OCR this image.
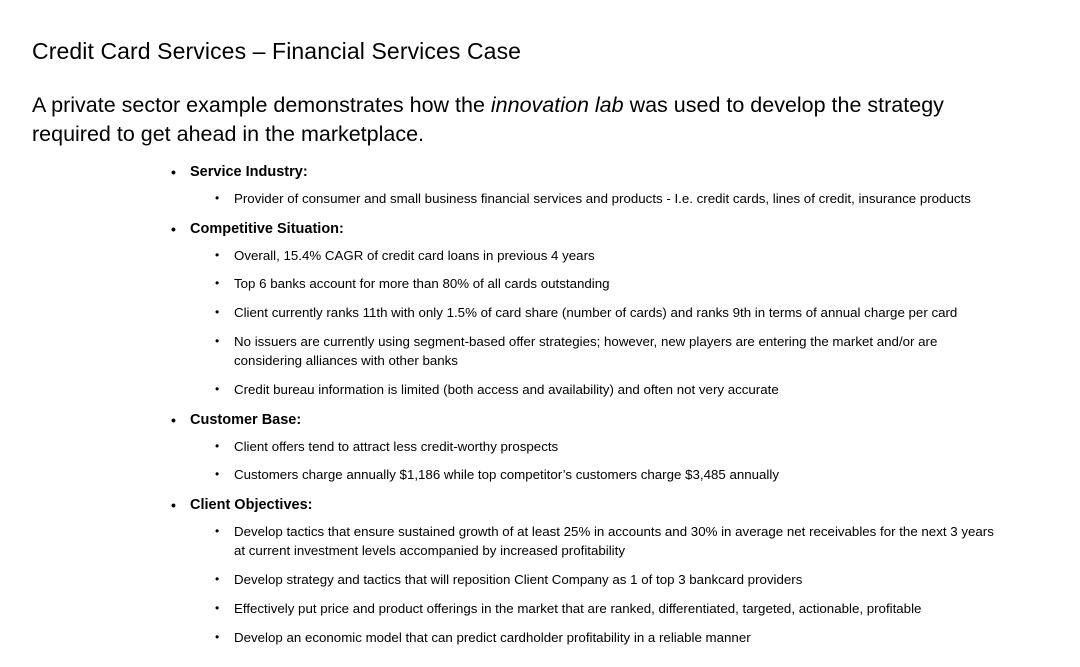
Credit Card Services – Financial Services Case

A private sector example demonstrates how the innovation lab was used to develop the strategy required to get ahead in the marketplace.

• Service Industry:
• Provider of consumer and small business financial services and products - I.e. credit cards, lines of credit, insurance products
• Competitive Situation:
• Overall, 15.4% CAGR of credit card loans in previous 4 years
• Top 6 banks account for more than 80% of all cards outstanding
• Client currently ranks 11th with only 1.5% of card share (number of cards) and ranks 9th in terms of annual charge per card
• No issuers are currently using segment-based offer strategies; however, new players are entering the market and/or are considering alliances with other banks
• Credit bureau information is limited (both access and availability) and often not very accurate
• Customer Base:
• Client offers tend to attract less credit-worthy prospects
• Customers charge annually $1,186 while top competitor’s customers charge $3,485 annually
• Client Objectives:
• Develop tactics that ensure sustained growth of at least 25% in accounts and 30% in average net receivables for the next 3 years at current investment levels accompanied by increased profitability
• Develop strategy and tactics that will reposition Client Company as 1 of top 3 bankcard providers
• Effectively put price and product offerings in the market that are ranked, differentiated, targeted, actionable, profitable
• Develop an economic model that can predict cardholder profitability in a reliable manner
